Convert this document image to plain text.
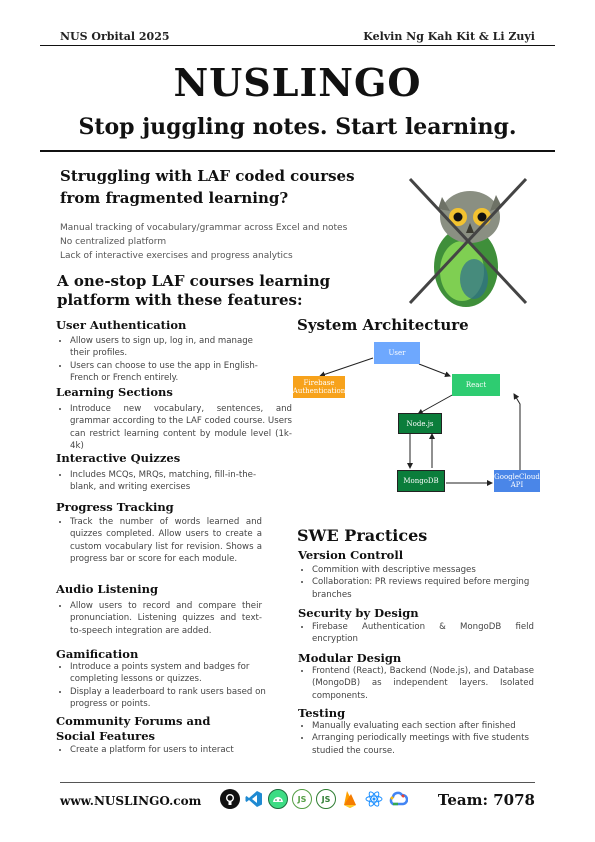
NUS Orbital 2025	Kelvin Ng Kah Kit & Li Zuyi
NUSLINGO
Stop juggling notes. Start learning.
Struggling with LAF coded courses
from fragmented learning?
Manual tracking of vocabulary/grammar across Excel and notes
No centralized platform
Lack of interactive exercises and progress analytics
A one-stop LAF courses learning
platform with these features:
User Authentication
• Allow users to sign up, log in, and manage their profiles.
• Users can choose to use the app in English-French or French entirely.
Learning Sections
• Introduce new vocabulary, sentences, and grammar according to the LAF coded course. Users can restrict learning content by module level (1k-4k)
Interactive Quizzes
• Includes MCQs, MRQs, matching, fill-in-the-blank, and writing exercises
Progress Tracking
• Track the number of words learned and quizzes completed. Allow users to create a custom vocabulary list for revision. Shows a progress bar or score for each module.
Audio Listening
• Allow users to record and compare their pronunciation. Listening quizzes and text-to-speech integration are added.
Gamification
• Introduce a points system and badges for completing lessons or quizzes.
• Display a leaderboard to rank users based on progress or points.
Community Forums and
Social Features
• Create a platform for users to interact
System Architecture
User
Firebase Authentication
React
Node.js
MongoDB	GoogleCloud API
SWE Practices
Version Controll
• Commition with descriptive messages
• Collaboration: PR reviews required before merging branches
Security by Design
• Firebase Authentication & MongoDB field encryption
Modular Design
• Frontend (React), Backend (Node.js), and Database (MongoDB) as independent layers. Isolated components.
Testing
• Manually evaluating each section after finished
• Arranging periodically meetings with five students studied the course.
www.NUSLINGO.com	JS	JS	Team: 7078
